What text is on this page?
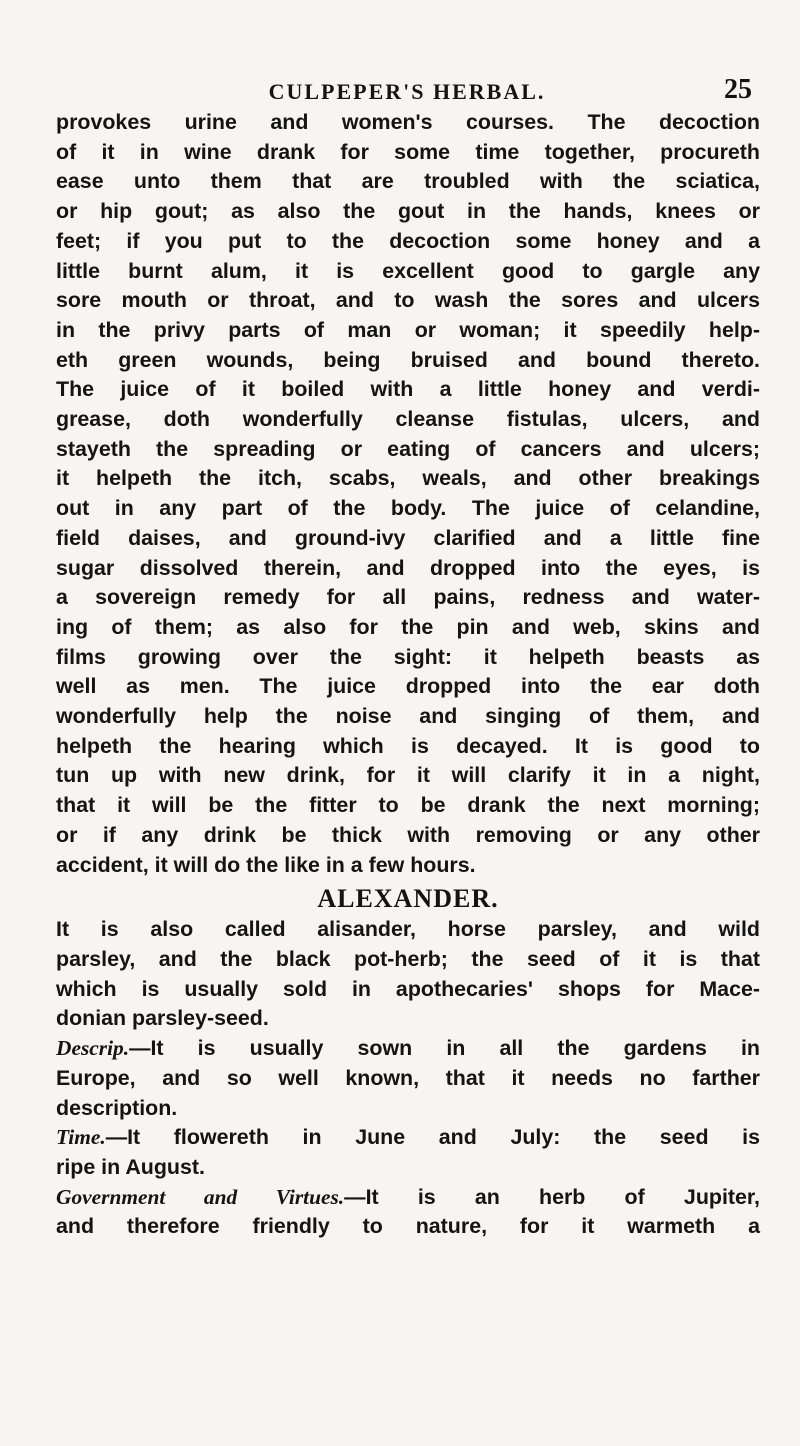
CULPEPER'S HERBAL.	25
provokes urine and women's courses. The decoction
of it in wine drank for some time together, procureth
ease unto them that are troubled with the sciatica,
or hip gout; as also the gout in the hands, knees or
feet; if you put to the decoction some honey and a
little burnt alum, it is excellent good to gargle any
sore mouth or throat, and to wash the sores and ulcers
in the privy parts of man or woman; it speedily help-
eth green wounds, being bruised and bound thereto.
The juice of it boiled with a little honey and verdi-
grease, doth wonderfully cleanse fistulas, ulcers, and
stayeth the spreading or eating of cancers and ulcers;
it helpeth the itch, scabs, weals, and other breakings
out in any part of the body. The juice of celandine,
field daises, and ground-ivy clarified and a little fine
sugar dissolved therein, and dropped into the eyes, is
a sovereign remedy for all pains, redness and water-
ing of them; as also for the pin and web, skins and
films growing over the sight: it helpeth beasts as
well as men. The juice dropped into the ear doth
wonderfully help the noise and singing of them, and
helpeth the hearing which is decayed. It is good to
tun up with new drink, for it will clarify it in a night,
that it will be the fitter to be drank the next morning;
or if any drink be thick with removing or any other
accident, it will do the like in a few hours.
ALEXANDER.
It is also called alisander, horse parsley, and wild
parsley, and the black pot-herb; the seed of it is that
which is usually sold in apothecaries' shops for Mace-
donian parsley-seed.
Descrip.—It is usually sown in all the gardens in
Europe, and so well known, that it needs no farther
description.
Time.—It flowereth in June and July: the seed is
ripe in August.
Government and Virtues.—It is an herb of Jupiter,
and therefore friendly to nature, for it warmeth a
